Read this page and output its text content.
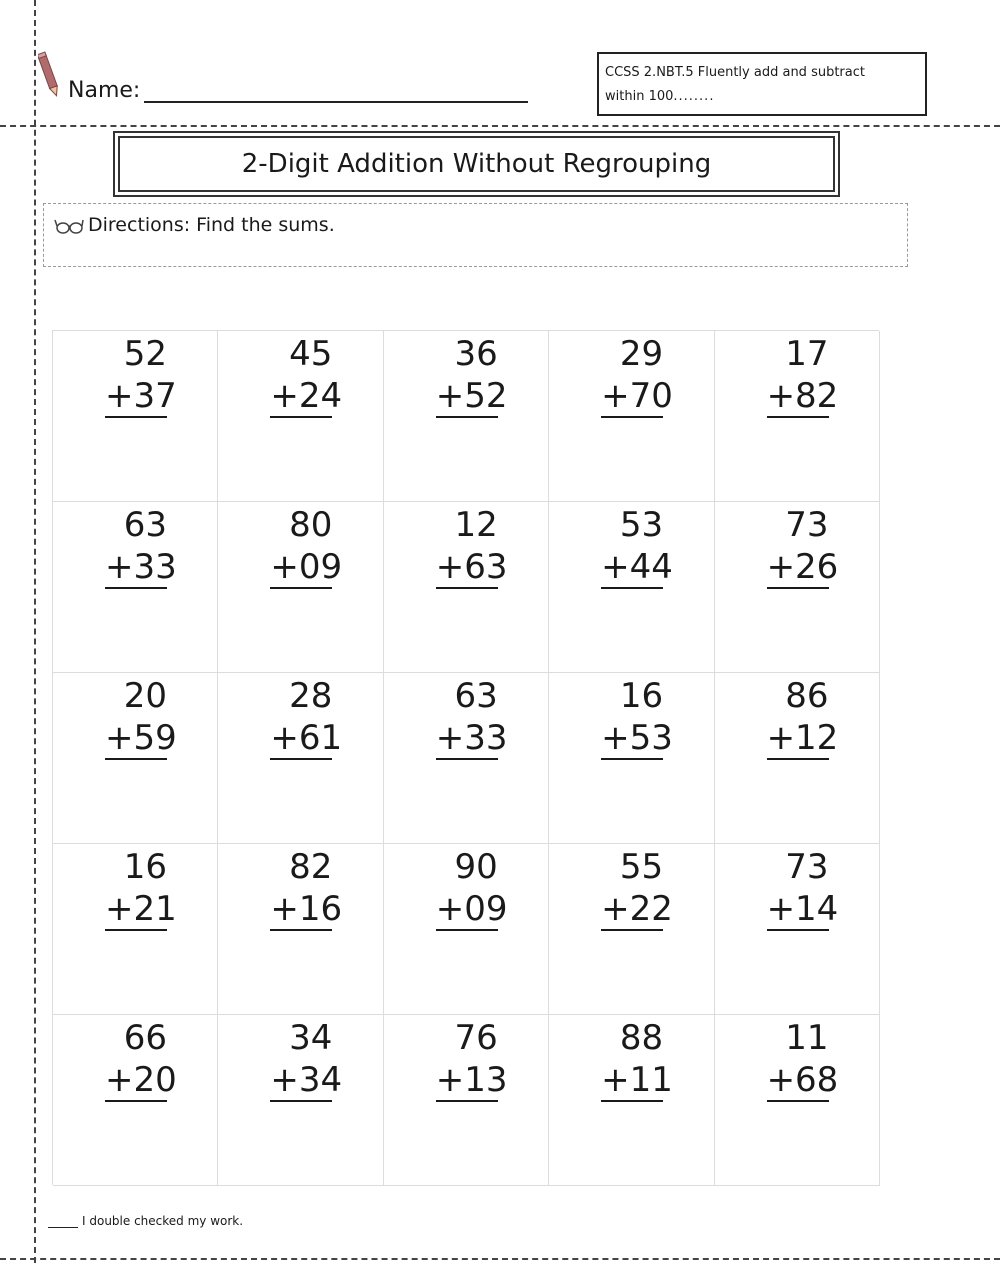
Name:
CCSS 2.NBT.5 Fluently add and subtract
within 100........
2-Digit Addition Without Regrouping
Directions: Find the sums.
52
+37
45
+24
36
+52
29
+70
17
+82
63
+33
80
+09
12
+63
53
+44
73
+26
20
+59
28
+61
63
+33
16
+53
86
+12
16
+21
82
+16
90
+09
55
+22
73
+14
66
+20
34
+34
76
+13
88
+11
11
+68
I double checked my work.
